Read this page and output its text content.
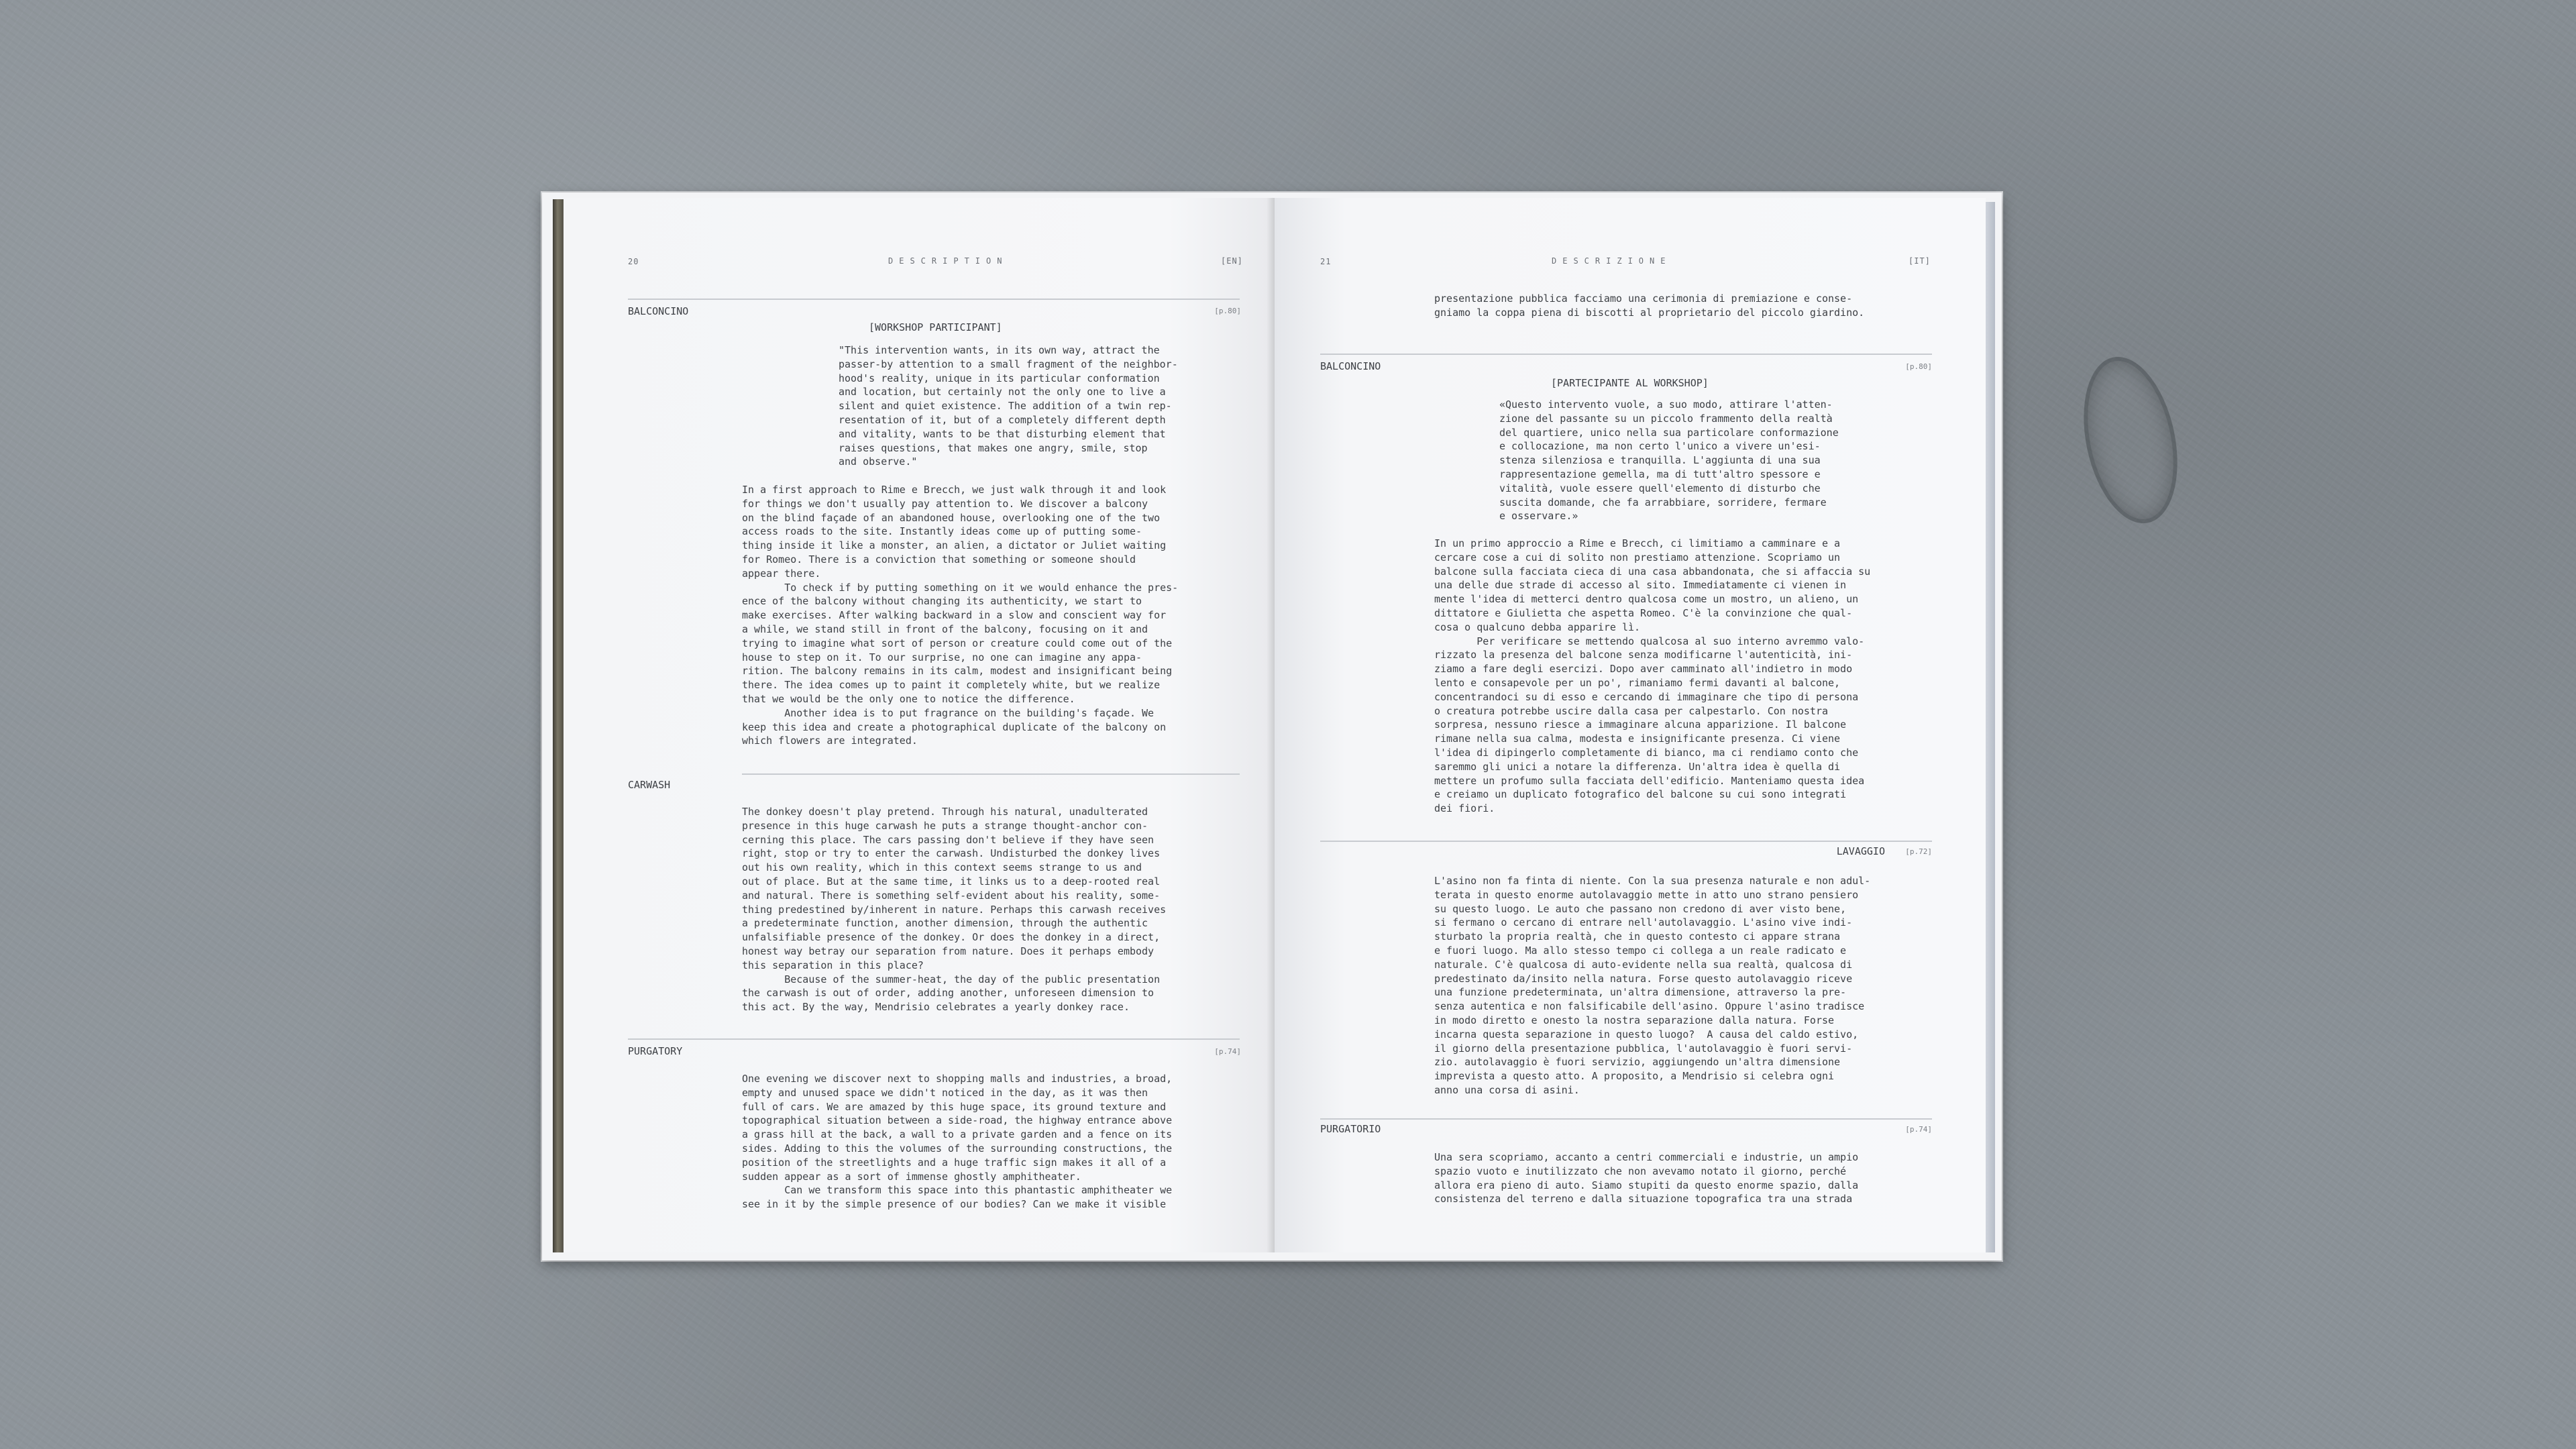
20	DESCRIPTION	[EN]
BALCONCINO	[p.80]
[WORKSHOP PARTICIPANT]
"This intervention wants, in its own way, attract the
passer-by attention to a small fragment of the neighbor-
hood's reality, unique in its particular conformation
and location, but certainly not the only one to live a
silent and quiet existence. The addition of a twin rep-
resentation of it, but of a completely different depth
and vitality, wants to be that disturbing element that
raises questions, that makes one angry, smile, stop
and observe."
In a first approach to Rime e Brecch, we just walk through it and look
for things we don't usually pay attention to. We discover a balcony
on the blind façade of an abandoned house, overlooking one of the two
access roads to the site. Instantly ideas come up of putting some-
thing inside it like a monster, an alien, a dictator or Juliet waiting
for Romeo. There is a conviction that something or someone should
appear there.
To check if by putting something on it we would enhance the pres-
ence of the balcony without changing its authenticity, we start to
make exercises. After walking backward in a slow and conscient way for
a while, we stand still in front of the balcony, focusing on it and
trying to imagine what sort of person or creature could come out of the
house to step on it. To our surprise, no one can imagine any appa-
rition. The balcony remains in its calm, modest and insignificant being
there. The idea comes up to paint it completely white, but we realize
that we would be the only one to notice the difference.
Another idea is to put fragrance on the building's façade. We
keep this idea and create a photographical duplicate of the balcony on
which flowers are integrated.
CARWASH
The donkey doesn't play pretend. Through his natural, unadulterated
presence in this huge carwash he puts a strange thought-anchor con-
cerning this place. The cars passing don't believe if they have seen
right, stop or try to enter the carwash. Undisturbed the donkey lives
out his own reality, which in this context seems strange to us and
out of place. But at the same time, it links us to a deep-rooted real
and natural. There is something self-evident about his reality, some-
thing predestined by/inherent in nature. Perhaps this carwash receives
a predeterminate function, another dimension, through the authentic
unfalsifiable presence of the donkey. Or does the donkey in a direct,
honest way betray our separation from nature. Does it perhaps embody
this separation in this place?
Because of the summer-heat, the day of the public presentation
the carwash is out of order, adding another, unforeseen dimension to
this act. By the way, Mendrisio celebrates a yearly donkey race.
PURGATORY	[p.74]
One evening we discover next to shopping malls and industries, a broad,
empty and unused space we didn't noticed in the day, as it was then
full of cars. We are amazed by this huge space, its ground texture and
topographical situation between a side-road, the highway entrance above
a grass hill at the back, a wall to a private garden and a fence on its
sides. Adding to this the volumes of the surrounding constructions, the
position of the streetlights and a huge traffic sign makes it all of a
sudden appear as a sort of immense ghostly amphitheater.
Can we transform this space into this phantastic amphitheater we
see in it by the simple presence of our bodies? Can we make it visible
21	DESCRIZIONE	[IT]
presentazione pubblica facciamo una cerimonia di premiazione e conse-
gniamo la coppa piena di biscotti al proprietario del piccolo giardino.
BALCONCINO	[p.80]
[PARTECIPANTE AL WORKSHOP]
«Questo intervento vuole, a suo modo, attirare l'atten-
zione del passante su un piccolo frammento della realtà
del quartiere, unico nella sua particolare conformazione
e collocazione, ma non certo l'unico a vivere un'esi-
stenza silenziosa e tranquilla. L'aggiunta di una sua
rappresentazione gemella, ma di tutt'altro spessore e
vitalità, vuole essere quell'elemento di disturbo che
suscita domande, che fa arrabbiare, sorridere, fermare
e osservare.»
In un primo approccio a Rime e Brecch, ci limitiamo a camminare e a
cercare cose a cui di solito non prestiamo attenzione. Scopriamo un
balcone sulla facciata cieca di una casa abbandonata, che si affaccia su
una delle due strade di accesso al sito. Immediatamente ci vienen in
mente l'idea di metterci dentro qualcosa come un mostro, un alieno, un
dittatore e Giulietta che aspetta Romeo. C'è la convinzione che qual-
cosa o qualcuno debba apparire lì.
Per verificare se mettendo qualcosa al suo interno avremmo valo-
rizzato la presenza del balcone senza modificarne l'autenticità, ini-
ziamo a fare degli esercizi. Dopo aver camminato all'indietro in modo
lento e consapevole per un po', rimaniamo fermi davanti al balcone,
concentrandoci su di esso e cercando di immaginare che tipo di persona
o creatura potrebbe uscire dalla casa per calpestarlo. Con nostra
sorpresa, nessuno riesce a immaginare alcuna apparizione. Il balcone
rimane nella sua calma, modesta e insignificante presenza. Ci viene
l'idea di dipingerlo completamente di bianco, ma ci rendiamo conto che
saremmo gli unici a notare la differenza. Un'altra idea è quella di
mettere un profumo sulla facciata dell'edificio. Manteniamo questa idea
e creiamo un duplicato fotografico del balcone su cui sono integrati
dei fiori.
LAVAGGIO	[p.72]
L'asino non fa finta di niente. Con la sua presenza naturale e non adul-
terata in questo enorme autolavaggio mette in atto uno strano pensiero
su questo luogo. Le auto che passano non credono di aver visto bene,
si fermano o cercano di entrare nell'autolavaggio. L'asino vive indi-
sturbato la propria realtà, che in questo contesto ci appare strana
e fuori luogo. Ma allo stesso tempo ci collega a un reale radicato e
naturale. C'è qualcosa di auto-evidente nella sua realtà, qualcosa di
predestinato da/insito nella natura. Forse questo autolavaggio riceve
una funzione predeterminata, un'altra dimensione, attraverso la pre-
senza autentica e non falsificabile dell'asino. Oppure l'asino tradisce
in modo diretto e onesto la nostra separazione dalla natura. Forse
incarna questa separazione in questo luogo?  A causa del caldo estivo,
il giorno della presentazione pubblica, l'autolavaggio è fuori servi-
zio. autolavaggio è fuori servizio, aggiungendo un'altra dimensione
imprevista a questo atto. A proposito, a Mendrisio si celebra ogni
anno una corsa di asini.
PURGATORIO	[p.74]
Una sera scopriamo, accanto a centri commerciali e industrie, un ampio
spazio vuoto e inutilizzato che non avevamo notato il giorno, perché
allora era pieno di auto. Siamo stupiti da questo enorme spazio, dalla
consistenza del terreno e dalla situazione topografica tra una strada
